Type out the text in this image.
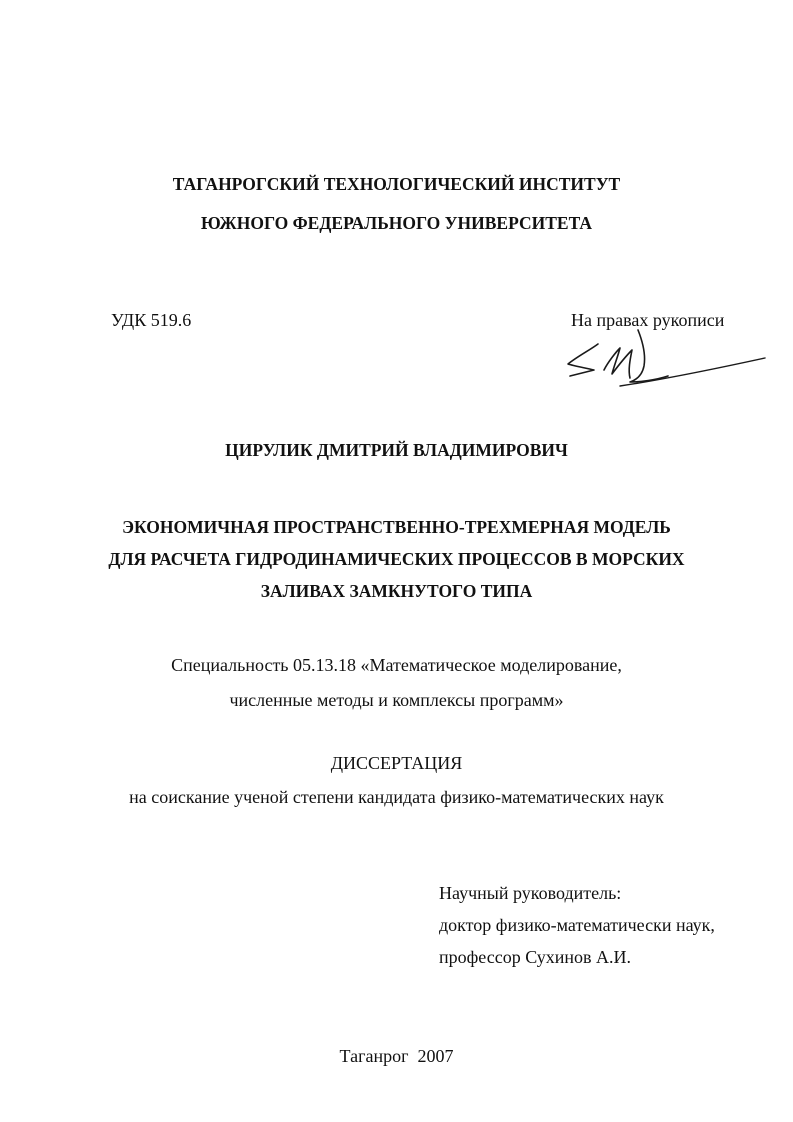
ТАГАНРОГСКИЙ ТЕХНОЛОГИЧЕСКИЙ ИНСТИТУТ
ЮЖНОГО ФЕДЕРАЛЬНОГО УНИВЕРСИТЕТА
УДК 519.6	На правах рукописи
ЦИРУЛИК ДМИТРИЙ ВЛАДИМИРОВИЧ
ЭКОНОМИЧНАЯ ПРОСТРАНСТВЕННО-ТРЕХМЕРНАЯ МОДЕЛЬ
ДЛЯ РАСЧЕТА ГИДРОДИНАМИЧЕСКИХ ПРОЦЕССОВ В МОРСКИХ
ЗАЛИВАХ ЗАМКНУТОГО ТИПА
Специальность 05.13.18 «Математическое моделирование,
численные методы и комплексы программ»
ДИССЕРТАЦИЯ
на соискание ученой степени кандидата физико-математических наук
Научный руководитель:
доктор физико-математически наук,
профессор Сухинов А.И.
Таганрог  2007
